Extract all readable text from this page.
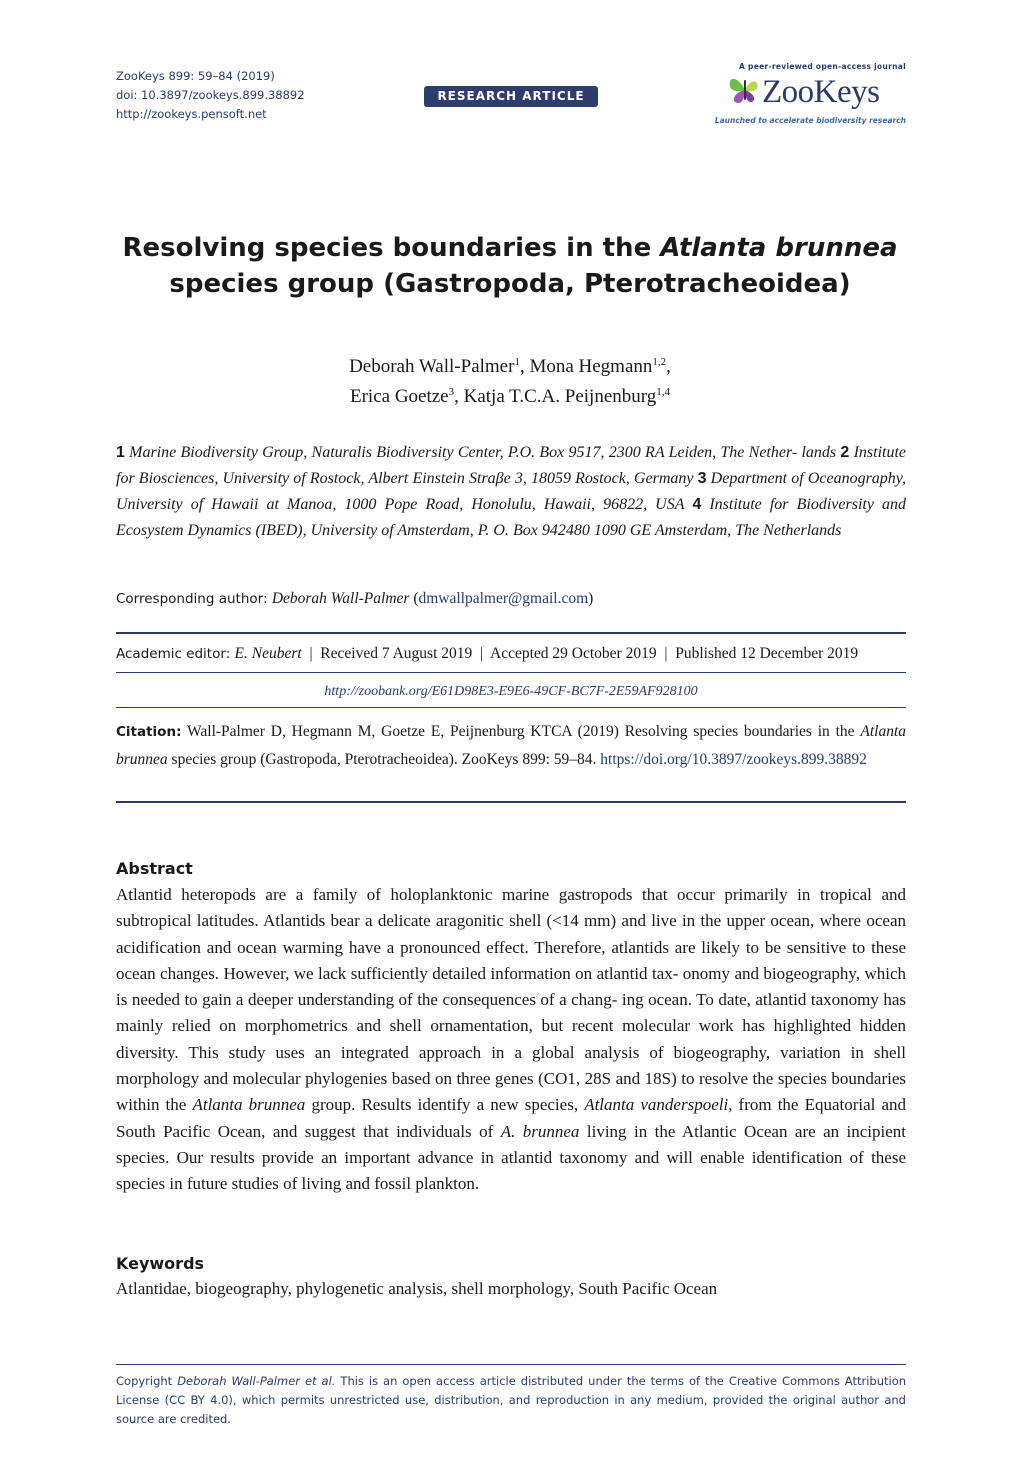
ZooKeys 899: 59–84 (2019)
doi: 10.3897/zookeys.899.38892
http://zookeys.pensoft.net
RESEARCH ARTICLE
A peer-reviewed open-access journal
ZooKeys
Launched to accelerate biodiversity research
Resolving species boundaries in the Atlanta brunnea
species group (Gastropoda, Pterotracheoidea)
Deborah Wall-Palmer$^1$, Mona Hegmann$^{1,2}$,
Erica Goetze$^3$, Katja T.C.A. Peijnenburg$^{1,4}$
1 Marine Biodiversity Group, Naturalis Biodiversity Center, P.O. Box 9517, 2300 RA Leiden, The Nether- lands 2 Institute for Biosciences, University of Rostock, Albert Einstein Straβe 3, 18059 Rostock, Germany 3 Department of Oceanography, University of Hawaii at Manoa, 1000 Pope Road, Honolulu, Hawaii, 96822, USA 4 Institute for Biodiversity and Ecosystem Dynamics (IBED), University of Amsterdam, P. O. Box 942480 1090 GE Amsterdam, The Netherlands
Corresponding author: Deborah Wall-Palmer (dmwallpalmer@gmail.com)
Academic editor: E. Neubert  |  Received 7 August 2019  |  Accepted 29 October 2019  |  Published 12 December 2019
http://zoobank.org/E61D98E3-E9E6-49CF-BC7F-2E59AF928100
Citation: Wall-Palmer D, Hegmann M, Goetze E, Peijnenburg KTCA (2019) Resolving species boundaries in the Atlanta brunnea species group (Gastropoda, Pterotracheoidea). ZooKeys 899: 59–84. https://doi.org/10.3897/zookeys.899.38892
Abstract
Atlantid heteropods are a family of holoplanktonic marine gastropods that occur primarily in tropical and subtropical latitudes. Atlantids bear a delicate aragonitic shell (<14 mm) and live in the upper ocean, where ocean acidification and ocean warming have a pronounced effect. Therefore, atlantids are likely to be sensitive to these ocean changes. However, we lack sufficiently detailed information on atlantid tax- onomy and biogeography, which is needed to gain a deeper understanding of the consequences of a chang- ing ocean. To date, atlantid taxonomy has mainly relied on morphometrics and shell ornamentation, but recent molecular work has highlighted hidden diversity. This study uses an integrated approach in a global analysis of biogeography, variation in shell morphology and molecular phylogenies based on three genes (CO1, 28S and 18S) to resolve the species boundaries within the Atlanta brunnea group. Results identify a new species, Atlanta vanderspoeli, from the Equatorial and South Pacific Ocean, and suggest that individuals of A. brunnea living in the Atlantic Ocean are an incipient species. Our results provide an important advance in atlantid taxonomy and will enable identification of these species in future studies of living and fossil plankton.
Keywords
Atlantidae, biogeography, phylogenetic analysis, shell morphology, South Pacific Ocean
Copyright Deborah Wall-Palmer et al. This is an open access article distributed under the terms of the Creative Commons Attribution License (CC BY 4.0), which permits unrestricted use, distribution, and reproduction in any medium, provided the original author and source are credited.
